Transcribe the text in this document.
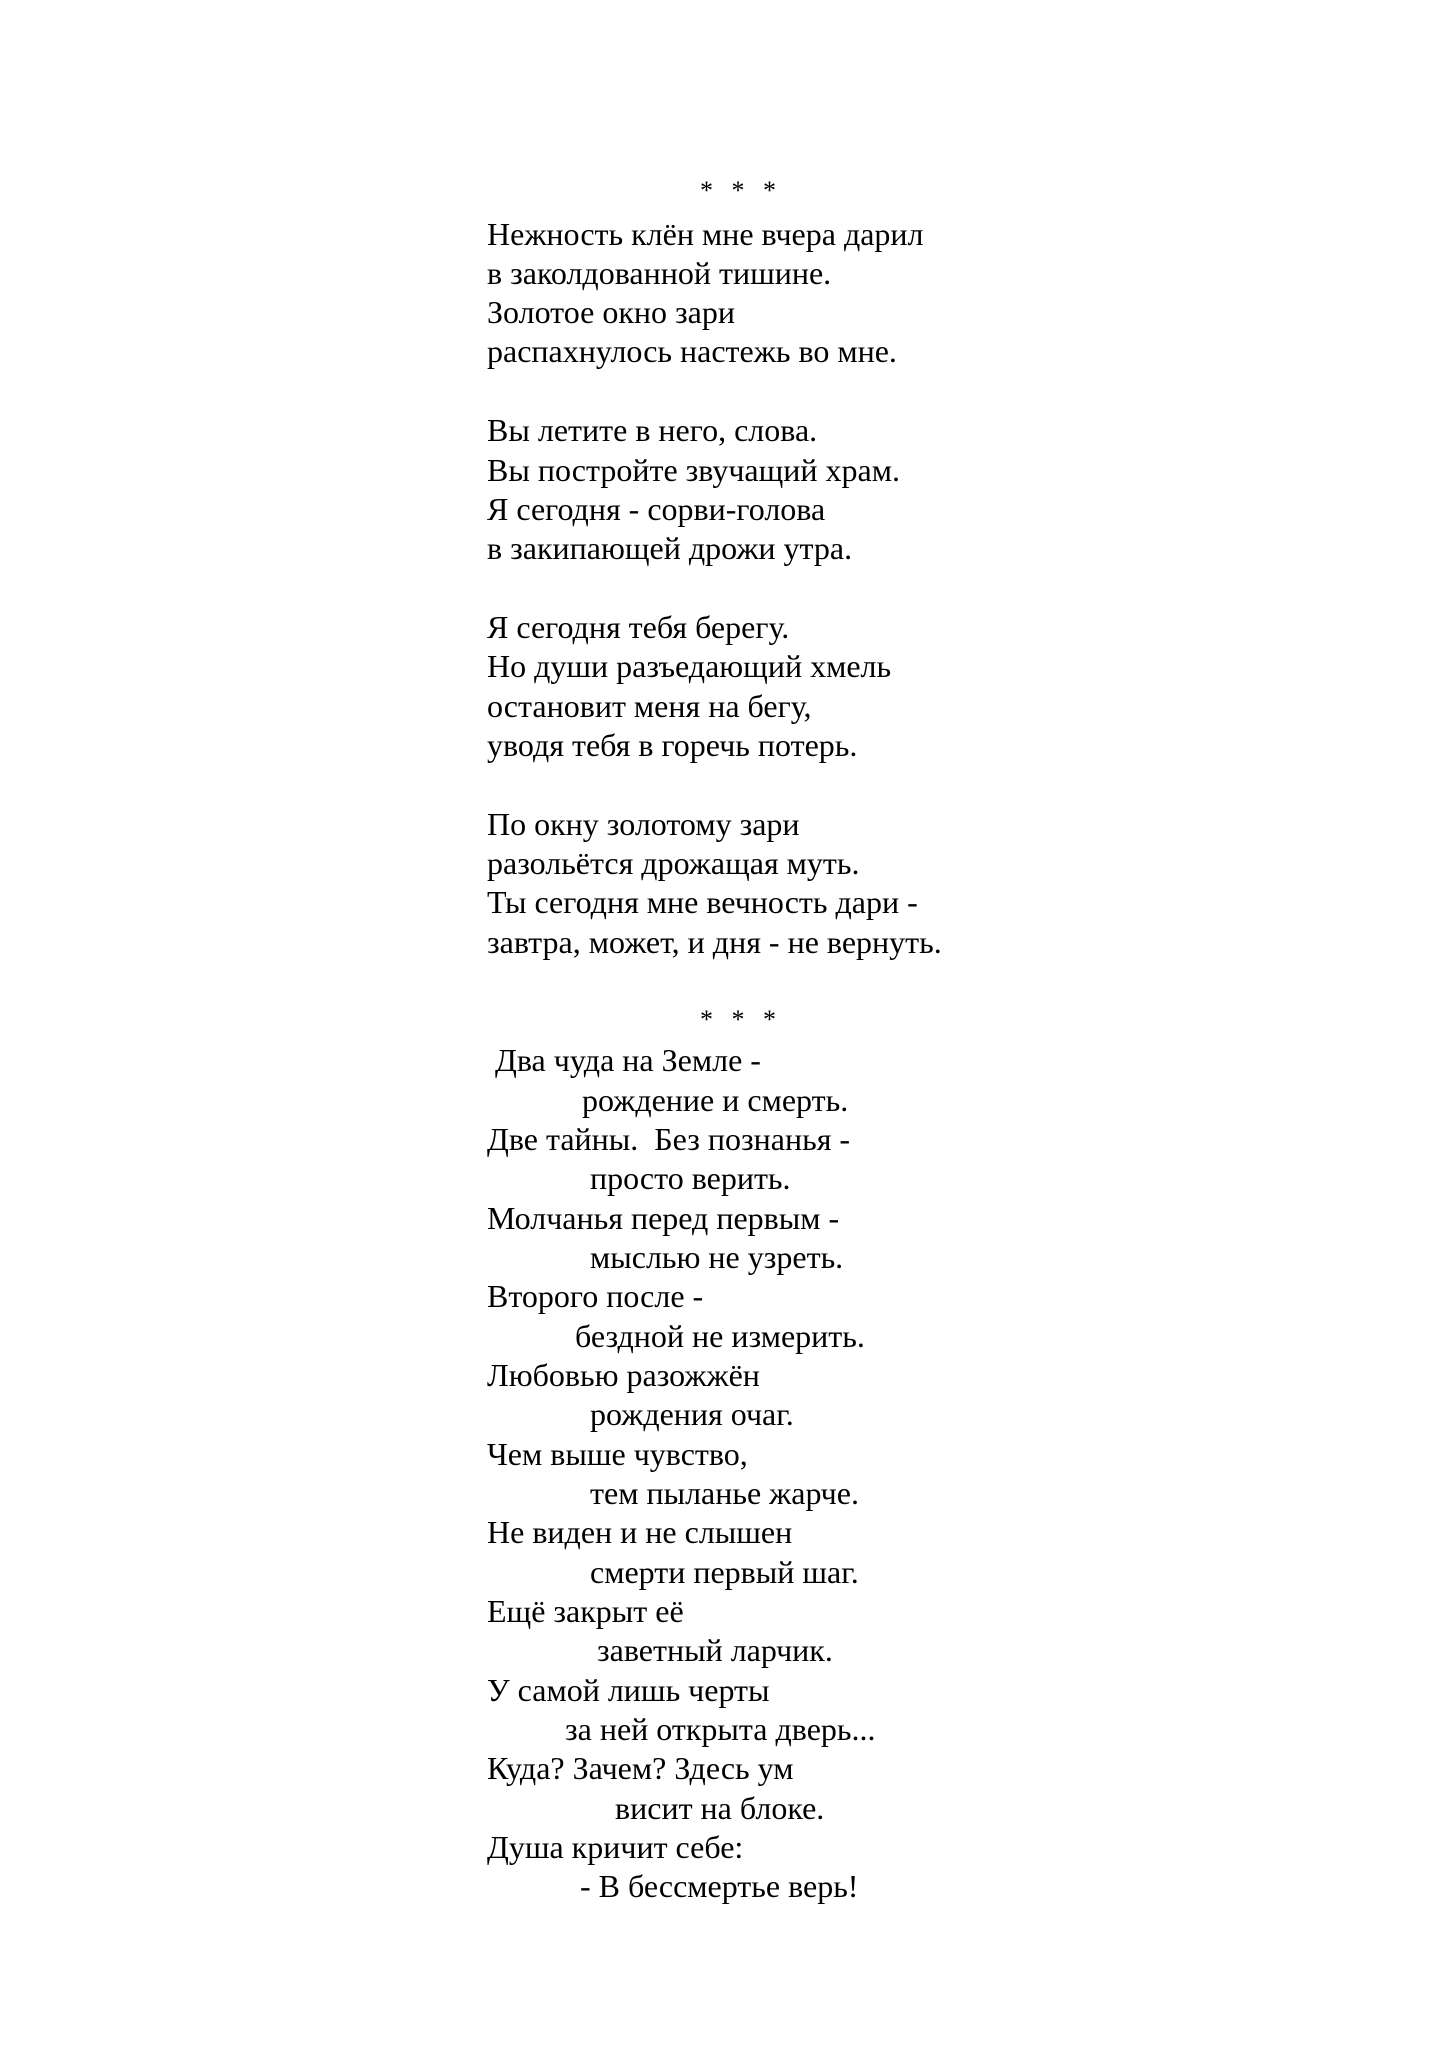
* * *
Нежность клён мне вчера дарил
в заколдованной тишине.
Золотое окно зари
распахнулось настежь во мне.
Вы летите в него, слова.
Вы постройте звучащий храм.
Я сегодня - сорви-голова
в закипающей дрожи утра.
Я сегодня тебя берегу.
Но души разъедающий хмель
остановит меня на бегу,
уводя тебя в горечь потерь.
По окну золотому зари
разольётся дрожащая муть.
Ты сегодня мне вечность дари -
завтра, может, и дня - не вернуть.
* * *
Два чуда на Земле -
рождение и смерть.
Две тайны.  Без познанья -
просто верить.
Молчанья перед первым -
мыслью не узреть.
Второго после -
бездной не измерить.
Любовью разожжён
рождения очаг.
Чем выше чувство,
тем пыланье жарче.
Не виден и не слышен
смерти первый шаг.
Ещё закрыт её
заветный ларчик.
У самой лишь черты
за ней открыта дверь...
Куда? Зачем? Здесь ум
висит на блоке.
Душа кричит себе:
- В бессмертье верь!
